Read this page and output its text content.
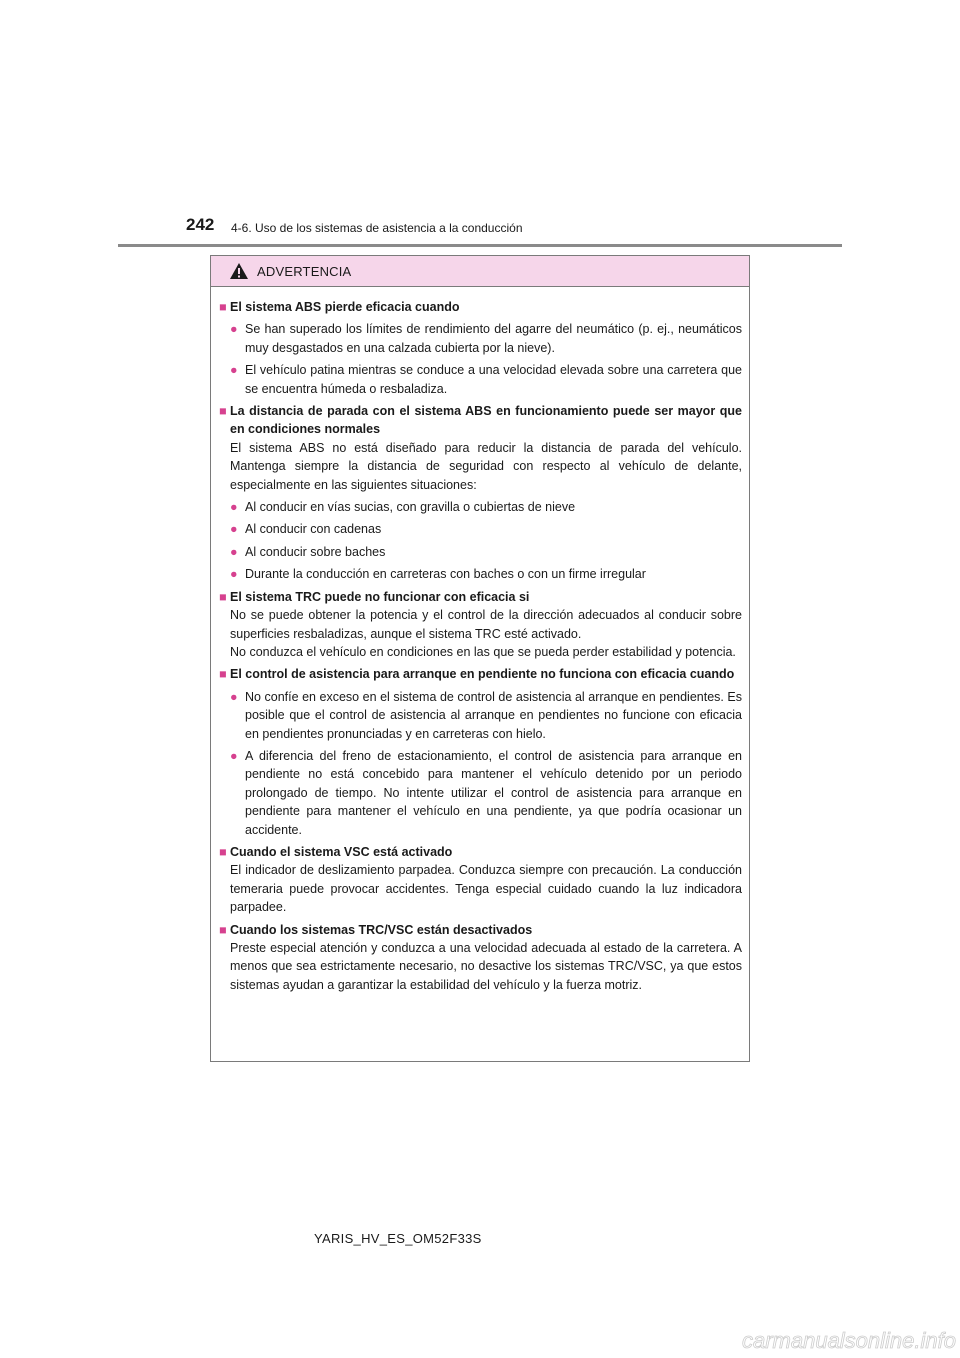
242 4-6. Uso de los sistemas de asistencia a la conducción
ADVERTENCIA
■ El sistema ABS pierde eficacia cuando
● Se han superado los límites de rendimiento del agarre del neumático (p. ej., neumáticos muy desgastados en una calzada cubierta por la nieve).
● El vehículo patina mientras se conduce a una velocidad elevada sobre una carretera que se encuentra húmeda o resbaladiza.
■ La distancia de parada con el sistema ABS en funcionamiento puede ser mayor que en condiciones normales
El sistema ABS no está diseñado para reducir la distancia de parada del vehículo. Mantenga siempre la distancia de seguridad con respecto al vehículo de delante, especialmente en las siguientes situaciones:
● Al conducir en vías sucias, con gravilla o cubiertas de nieve
● Al conducir con cadenas
● Al conducir sobre baches
● Durante la conducción en carreteras con baches o con un firme irregular
■ El sistema TRC puede no funcionar con eficacia si
No se puede obtener la potencia y el control de la dirección adecuados al conducir sobre superficies resbaladizas, aunque el sistema TRC esté activado.
No conduzca el vehículo en condiciones en las que se pueda perder estabilidad y potencia.
■ El control de asistencia para arranque en pendiente no funciona con eficacia cuando
● No confíe en exceso en el sistema de control de asistencia al arranque en pendientes. Es posible que el control de asistencia al arranque en pendientes no funcione con eficacia en pendientes pronunciadas y en carreteras con hielo.
● A diferencia del freno de estacionamiento, el control de asistencia para arranque en pendiente no está concebido para mantener el vehículo detenido por un periodo prolongado de tiempo. No intente utilizar el control de asistencia para arranque en pendiente para mantener el vehículo en una pendiente, ya que podría ocasionar un accidente.
■ Cuando el sistema VSC está activado
El indicador de deslizamiento parpadea. Conduzca siempre con precaución. La conducción temeraria puede provocar accidentes. Tenga especial cuidado cuando la luz indicadora parpadee.
■ Cuando los sistemas TRC/VSC están desactivados
Preste especial atención y conduzca a una velocidad adecuada al estado de la carretera. A menos que sea estrictamente necesario, no desactive los sistemas TRC/VSC, ya que estos sistemas ayudan a garantizar la estabilidad del vehículo y la fuerza motriz.
YARIS_HV_ES_OM52F33S
carmanualsonline.info
